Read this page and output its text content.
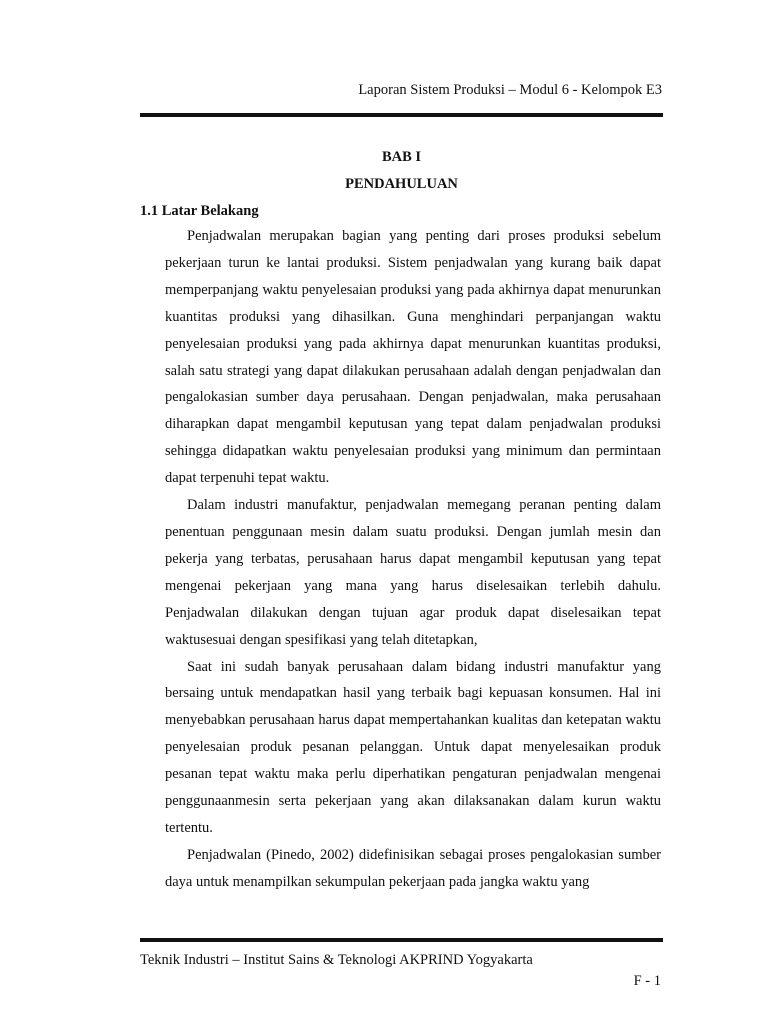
Laporan Sistem Produksi – Modul 6 - Kelompok E3
BAB I
PENDAHULUAN
1.1 Latar Belakang

Penjadwalan merupakan bagian yang penting dari proses produksi sebelum pekerjaan turun ke lantai produksi. Sistem penjadwalan yang kurang baik dapat memperpanjang waktu penyelesaian produksi yang pada akhirnya dapat menurunkan kuantitas produksi yang dihasilkan. Guna menghindari perpanjangan waktu penyelesaian produksi yang pada akhirnya dapat menurunkan kuantitas produksi, salah satu strategi yang dapat dilakukan perusahaan adalah dengan penjadwalan dan pengalokasian sumber daya perusahaan. Dengan penjadwalan, maka perusahaan diharapkan dapat mengambil keputusan yang tepat dalam penjadwalan produksi sehingga didapatkan waktu penyelesaian produksi yang minimum dan permintaan dapat terpenuhi tepat waktu.

Dalam industri manufaktur, penjadwalan memegang peranan penting dalam penentuan penggunaan mesin dalam suatu produksi. Dengan jumlah mesin dan pekerja yang terbatas, perusahaan harus dapat mengambil keputusan yang tepat mengenai pekerjaan yang mana yang harus diselesaikan terlebih dahulu. Penjadwalan dilakukan dengan tujuan agar produk dapat diselesaikan tepat waktusesuai dengan spesifikasi yang telah ditetapkan,

Saat ini sudah banyak perusahaan dalam bidang industri manufaktur yang bersaing untuk mendapatkan hasil yang terbaik bagi kepuasan konsumen. Hal ini menyebabkan perusahaan harus dapat mempertahankan kualitas dan ketepatan waktu penyelesaian produk pesanan pelanggan. Untuk dapat menyelesaikan produk pesanan tepat waktu maka perlu diperhatikan pengaturan penjadwalan mengenai penggunaanmesin serta pekerjaan yang akan dilaksanakan dalam kurun waktu tertentu.

Penjadwalan (Pinedo, 2002) didefinisikan sebagai proses pengalokasian sumber daya untuk menampilkan sekumpulan pekerjaan pada jangka waktu yang

Teknik Industri – Institut Sains & Teknologi AKPRIND Yogyakarta
F - 1
